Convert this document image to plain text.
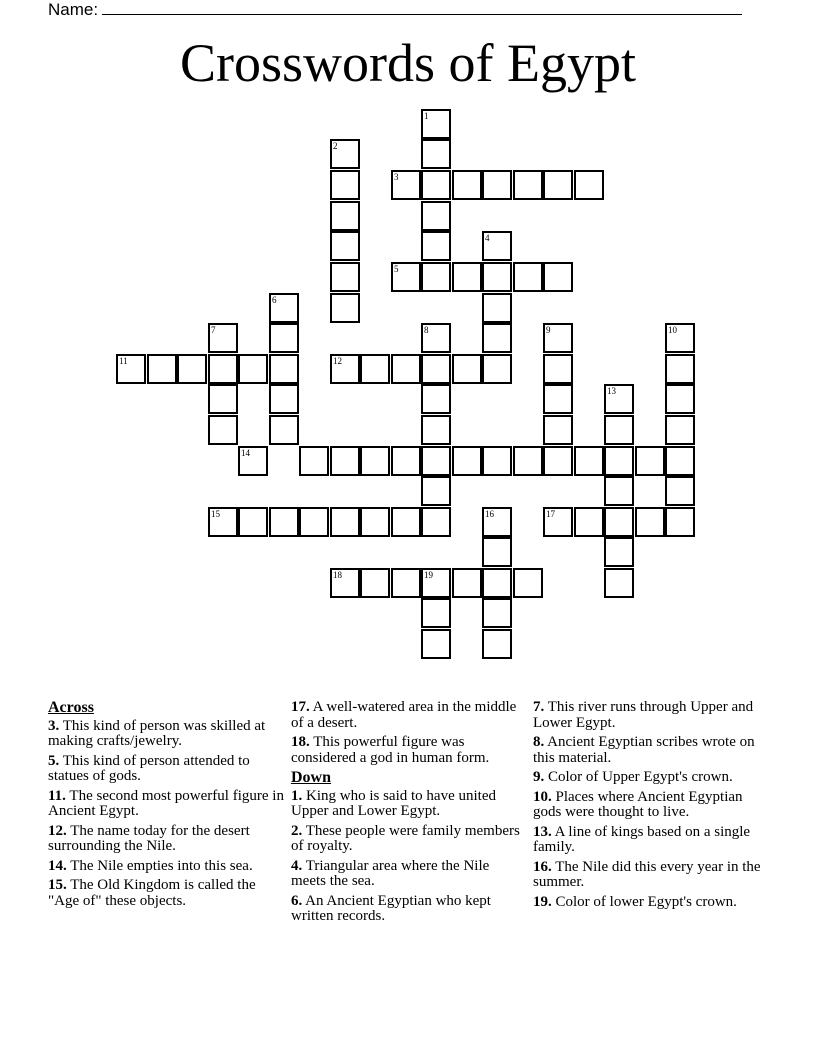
Name:
Crosswords of Egypt
1
2
3
4
5
6
7	8	9	10
11	12
13
14
15	16	17
18	19
Across
3. This kind of person was skilled at making crafts/jewelry.
5. This kind of person attended to statues of gods.
11. The second most powerful figure in Ancient Egypt.
12. The name today for the desert surrounding the Nile.
14. The Nile empties into this sea.
15. The Old Kingdom is called the "Age of" these objects.
17. A well-watered area in the middle of a desert.
18. This powerful figure was considered a god in human form.
Down
1. King who is said to have united Upper and Lower Egypt.
2. These people were family members of royalty.
4. Triangular area where the Nile meets the sea.
6. An Ancient Egyptian who kept written records.
7. This river runs through Upper and Lower Egypt.
8. Ancient Egyptian scribes wrote on this material.
9. Color of Upper Egypt's crown.
10. Places where Ancient Egyptian gods were thought to live.
13. A line of kings based on a single family.
16. The Nile did this every year in the summer.
19. Color of lower Egypt's crown.
